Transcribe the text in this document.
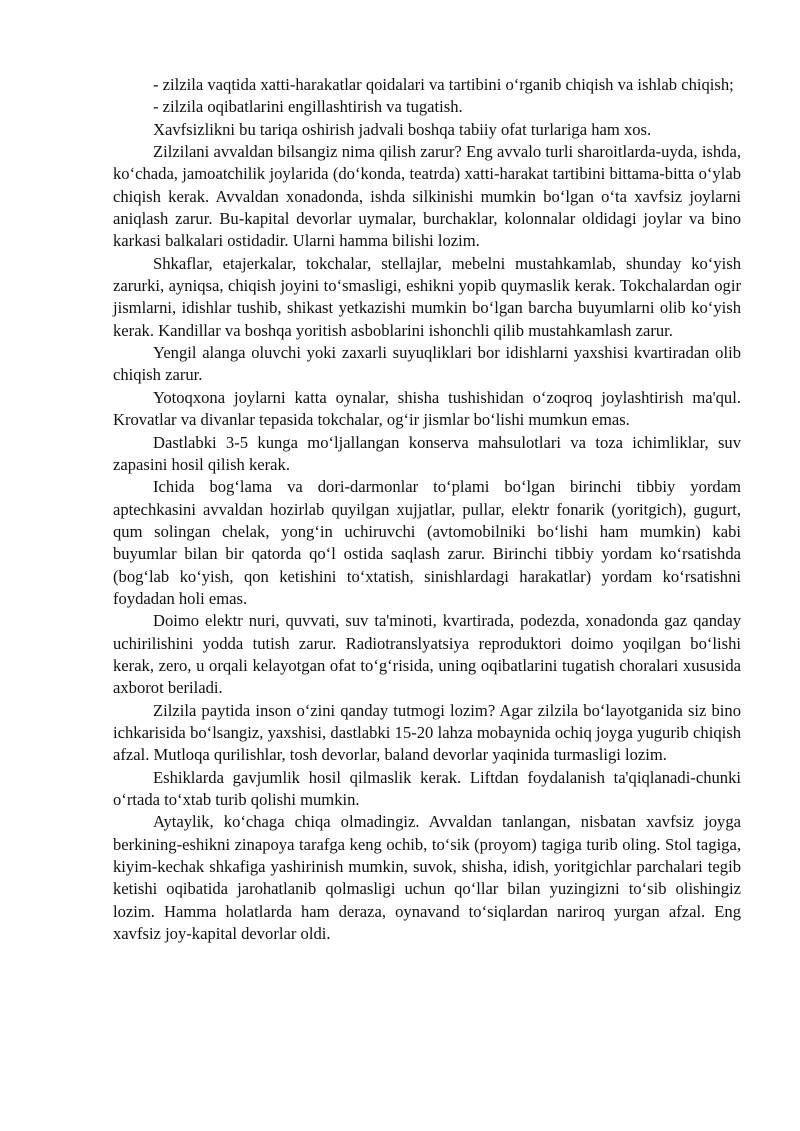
- zilzila vaqtida xatti-harakatlar qoidalari va tartibini oʻrganib chiqish va ishlab chiqish;

- zilzila oqibatlarini engillashtirish va tugatish.

Xavfsizlikni bu tariqa oshirish jadvali boshqa tabiiy ofat turlariga ham xos.

Zilzilani avvaldan bilsangiz nima qilish zarur? Eng avvalo turli sharoitlarda-uyda, ishda, koʻchada, jamoatchilik joylarida (doʻkonda, teatrda) xatti-harakat tartibini bittama-bitta oʻylab chiqish kerak. Avvaldan xonadonda, ishda silkinishi mumkin boʻlgan oʻta xavfsiz joylarni aniqlash zarur. Bu-kapital devorlar uymalar, burchaklar, kolonnalar oldidagi joylar va bino karkasi balkalari ostidadir. Ularni hamma bilishi lozim.

Shkaflar, etajerkalar, tokchalar, stellajlar, mebelni mustahkamlab, shunday koʻyish zarurki, ayniqsa, chiqish joyini toʻsmasligi, eshikni yopib quymaslik kerak. Tokchalardan ogir jismlarni, idishlar tushib, shikast yetkazishi mumkin boʻlgan barcha buyumlarni olib koʻyish kerak. Kandillar va boshqa yoritish asboblarini ishonchli qilib mustahkamlash zarur.

Yengil alanga oluvchi yoki zaxarli suyuqliklari bor idishlarni yaxshisi kvartiradan olib chiqish zarur.

Yotoqxona joylarni katta oynalar, shisha tushishidan oʻzoqroq joylashtirish ma'qul. Krovatlar va divanlar tepasida tokchalar, ogʻir jismlar boʻlishi mumkun emas.

Dastlabki 3-5 kunga moʻljallangan konserva mahsulotlari va toza ichimliklar, suv zapasini hosil qilish kerak.

Ichida bogʻlama va dori-darmonlar toʻplami boʻlgan birinchi tibbiy yordam aptechkasini avvaldan hozirlab quyilgan xujjatlar, pullar, elektr fonarik (yoritgich), gugurt, qum solingan chelak, yongʻin uchiruvchi (avtomobilniki boʻlishi ham mumkin) kabi buyumlar bilan bir qatorda qoʻl ostida saqlash zarur. Birinchi tibbiy yordam koʻrsatishda (bogʻlab koʻyish, qon ketishini toʻxtatish, sinishlardagi harakatlar) yordam koʻrsatishni foydadan holi emas.

Doimo elektr nuri, quvvati, suv ta'minoti, kvartirada, podezda, xonadonda gaz qanday uchirilishini yodda tutish zarur. Radiotranslyatsiya reproduktori doimo yoqilgan boʻlishi kerak, zero, u orqali kelayotgan ofat toʻgʻrisida, uning oqibatlarini tugatish choralari xususida axborot beriladi.

Zilzila paytida inson oʻzini qanday tutmogi lozim? Agar zilzila boʻlayotganida siz bino ichkarisida boʻlsangiz, yaxshisi, dastlabki 15-20 lahza mobaynida ochiq joyga yugurib chiqish afzal. Mutloqa qurilishlar, tosh devorlar, baland devorlar yaqinida turmasligi lozim.

Eshiklarda gavjumlik hosil qilmaslik kerak. Liftdan foydalanish ta'qiqlanadi-chunki oʻrtada toʻxtab turib qolishi mumkin.

Aytaylik, koʻchaga chiqa olmadingiz. Avvaldan tanlangan, nisbatan xavfsiz joyga berkining-eshikni zinapoya tarafga keng ochib, toʻsik (proyom) tagiga turib oling. Stol tagiga, kiyim-kechak shkafiga yashirinish mumkin, suvok, shisha, idish, yoritgichlar parchalari tegib ketishi oqibatida jarohatlanib qolmasligi uchun qoʻllar bilan yuzingizni toʻsib olishingiz lozim. Hamma holatlarda ham deraza, oynavand toʻsiqlardan nariroq yurgan afzal. Eng xavfsiz joy-kapital devorlar oldi.
